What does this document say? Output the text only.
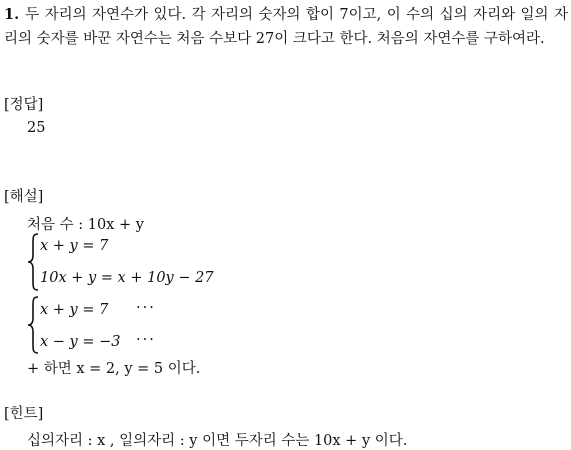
1. 두 자리의 자연수가 있다. 각 자리의 숫자의 합이 7이고, 이 수의 십의 자리와 일의 자리의 숫자를 바꾼 자연수는 처음 수보다 27이 크다고 한다. 처음의 자연수를 구하여라.
[정답]
25
[해설]
처음 수 : 10x + y
x + y = 7
10x + y = x + 10y − 27
x + y = 7 ···
x − y = −3 ···
+ 하면 x = 2, y = 5 이다.
[힌트]
십의자리 : x , 일의자리 : y 이면 두자리 수는 10x + y 이다.
